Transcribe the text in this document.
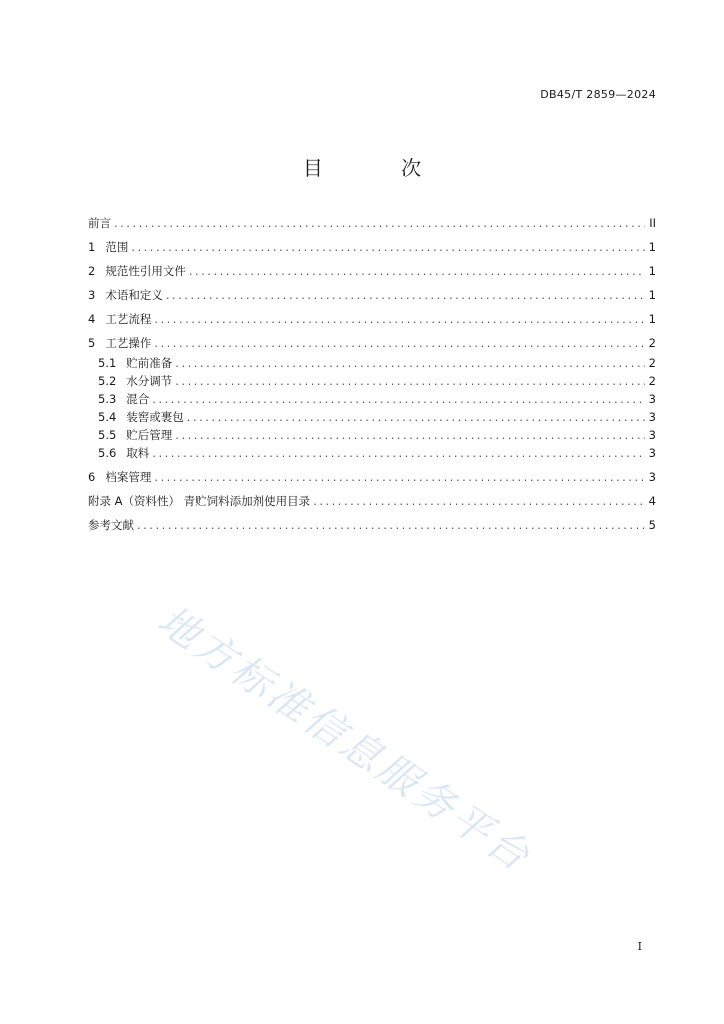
DB45/T 2859—2024
目 次
前言 .....	II
1 范围 .....	1
2 规范性引用文件 .....	1
3 术语和定义 .....	1
4 工艺流程 .....	1
5 工艺操作 .....	2
5.1 贮前准备 .....	2
5.2 水分调节 .....	2
5.3 混合 .....	3
5.4 装窖或裹包 .....	3
5.5 贮后管理 .....	3
5.6 取料 .....	3
6 档案管理 .....	3
附录 A（资料性） 青贮饲料添加剂使用目录 .....	4
参考文献 .....	5
地方标准信息服务平台
I
